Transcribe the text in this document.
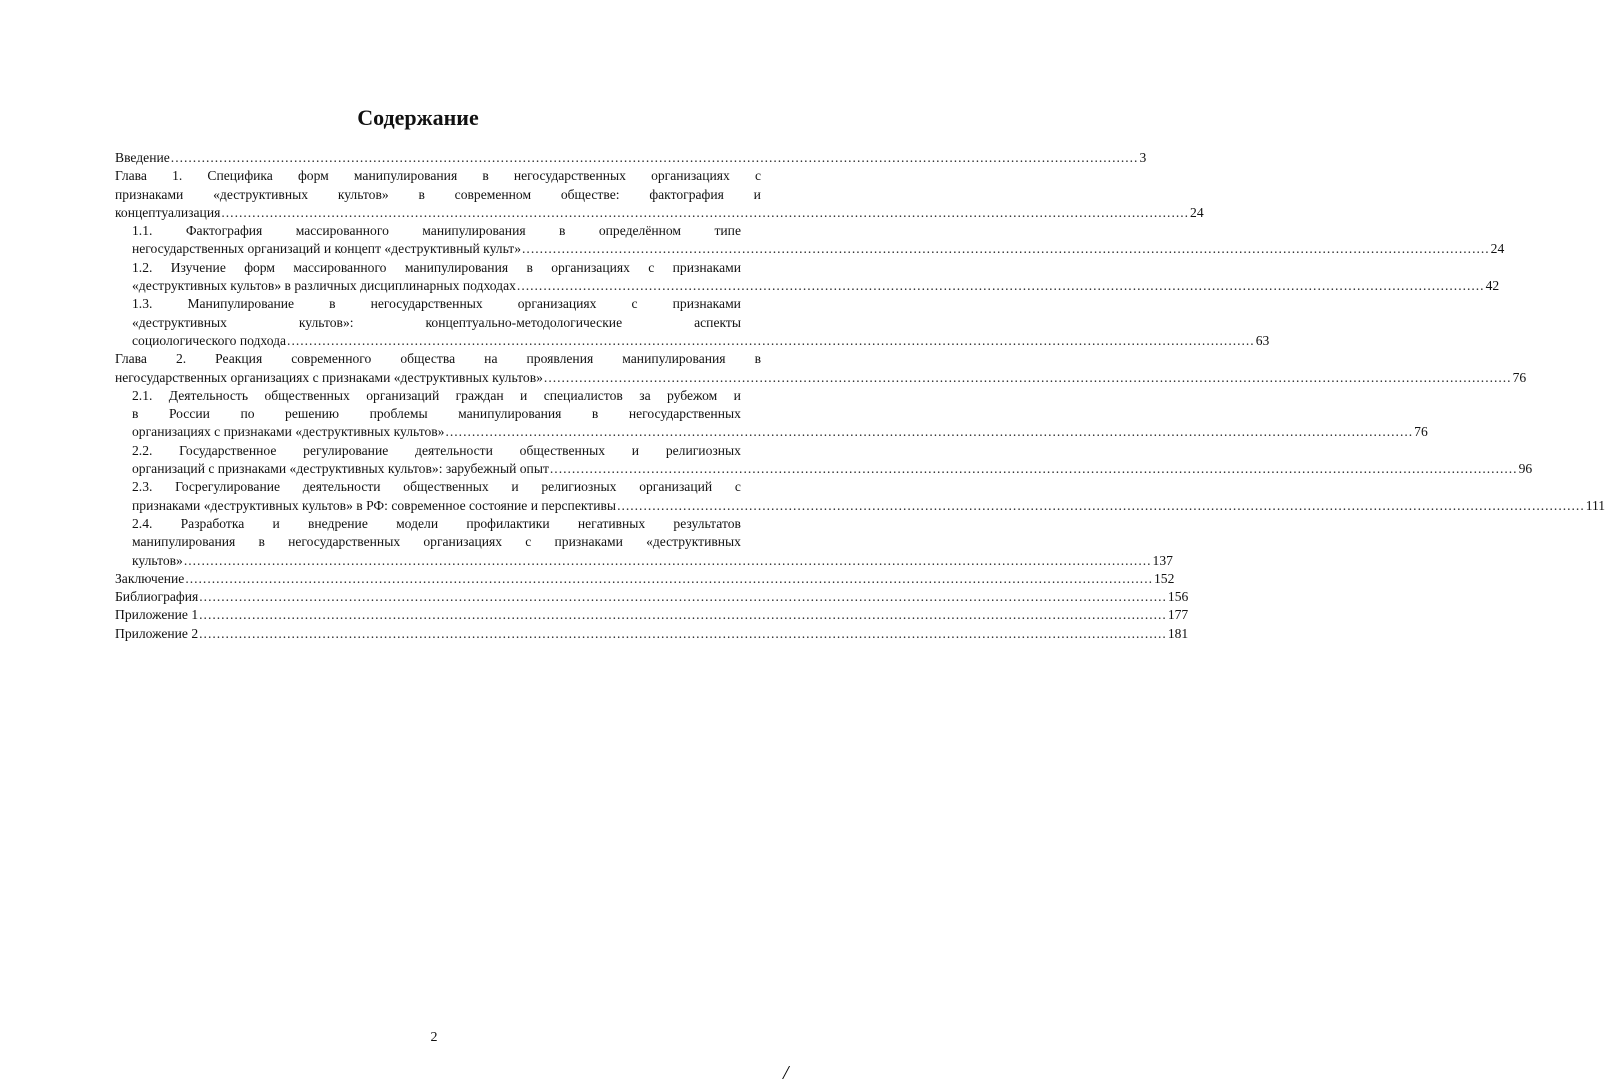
Содержание
Введение ............................................................................................................................................................................................................................ 3
Глава 1. Специфика форм манипулирования в негосударственных организациях с
признаками «деструктивных культов» в современном обществе: фактография и
концептуализация ............................................................................................................................................................................................................................ 24
1.1. Фактография массированного манипулирования в определённом типе
негосударственных организаций и концепт «деструктивный культ» ............................................................................................................................................................................................................................ 24
1.2. Изучение форм массированного манипулирования в организациях с признаками
«деструктивных культов» в различных дисциплинарных подходах ............................................................................................................................................................................................................................ 42
1.3.	Манипулирование	в	негосударственных	организациях	с	признаками
«деструктивных	культов»:	концептуально-методологические	аспекты
социологического подхода ............................................................................................................................................................................................................................ 63
Глава 2. Реакция современного общества на проявления манипулирования в
негосударственных организациях с признаками «деструктивных культов» ............................................................................................................................................................................................................................ 76
2.1. Деятельность общественных организаций граждан и специалистов за рубежом и
в России по решению проблемы манипулирования в негосударственных
организациях с признаками «деструктивных культов» ............................................................................................................................................................................................................................ 76
2.2. Государственное регулирование деятельности общественных и религиозных
организаций с признаками «деструктивных культов»: зарубежный опыт ............................................................................................................................................................................................................................ 96
2.3. Госрегулирование деятельности общественных и религиозных организаций с
признаками «деструктивных культов» в РФ: современное состояние и перспективы ............................................................................................................................................................................................................................ 111
2.4. Разработка и внедрение модели профилактики негативных результатов
манипулирования в негосударственных организациях с признаками «деструктивных
культов» ............................................................................................................................................................................................................................ 137
Заключение ............................................................................................................................................................................................................................ 152
Библиография ............................................................................................................................................................................................................................ 156
Приложение 1 ............................................................................................................................................................................................................................ 177
Приложение 2 ............................................................................................................................................................................................................................ 181
2
/
